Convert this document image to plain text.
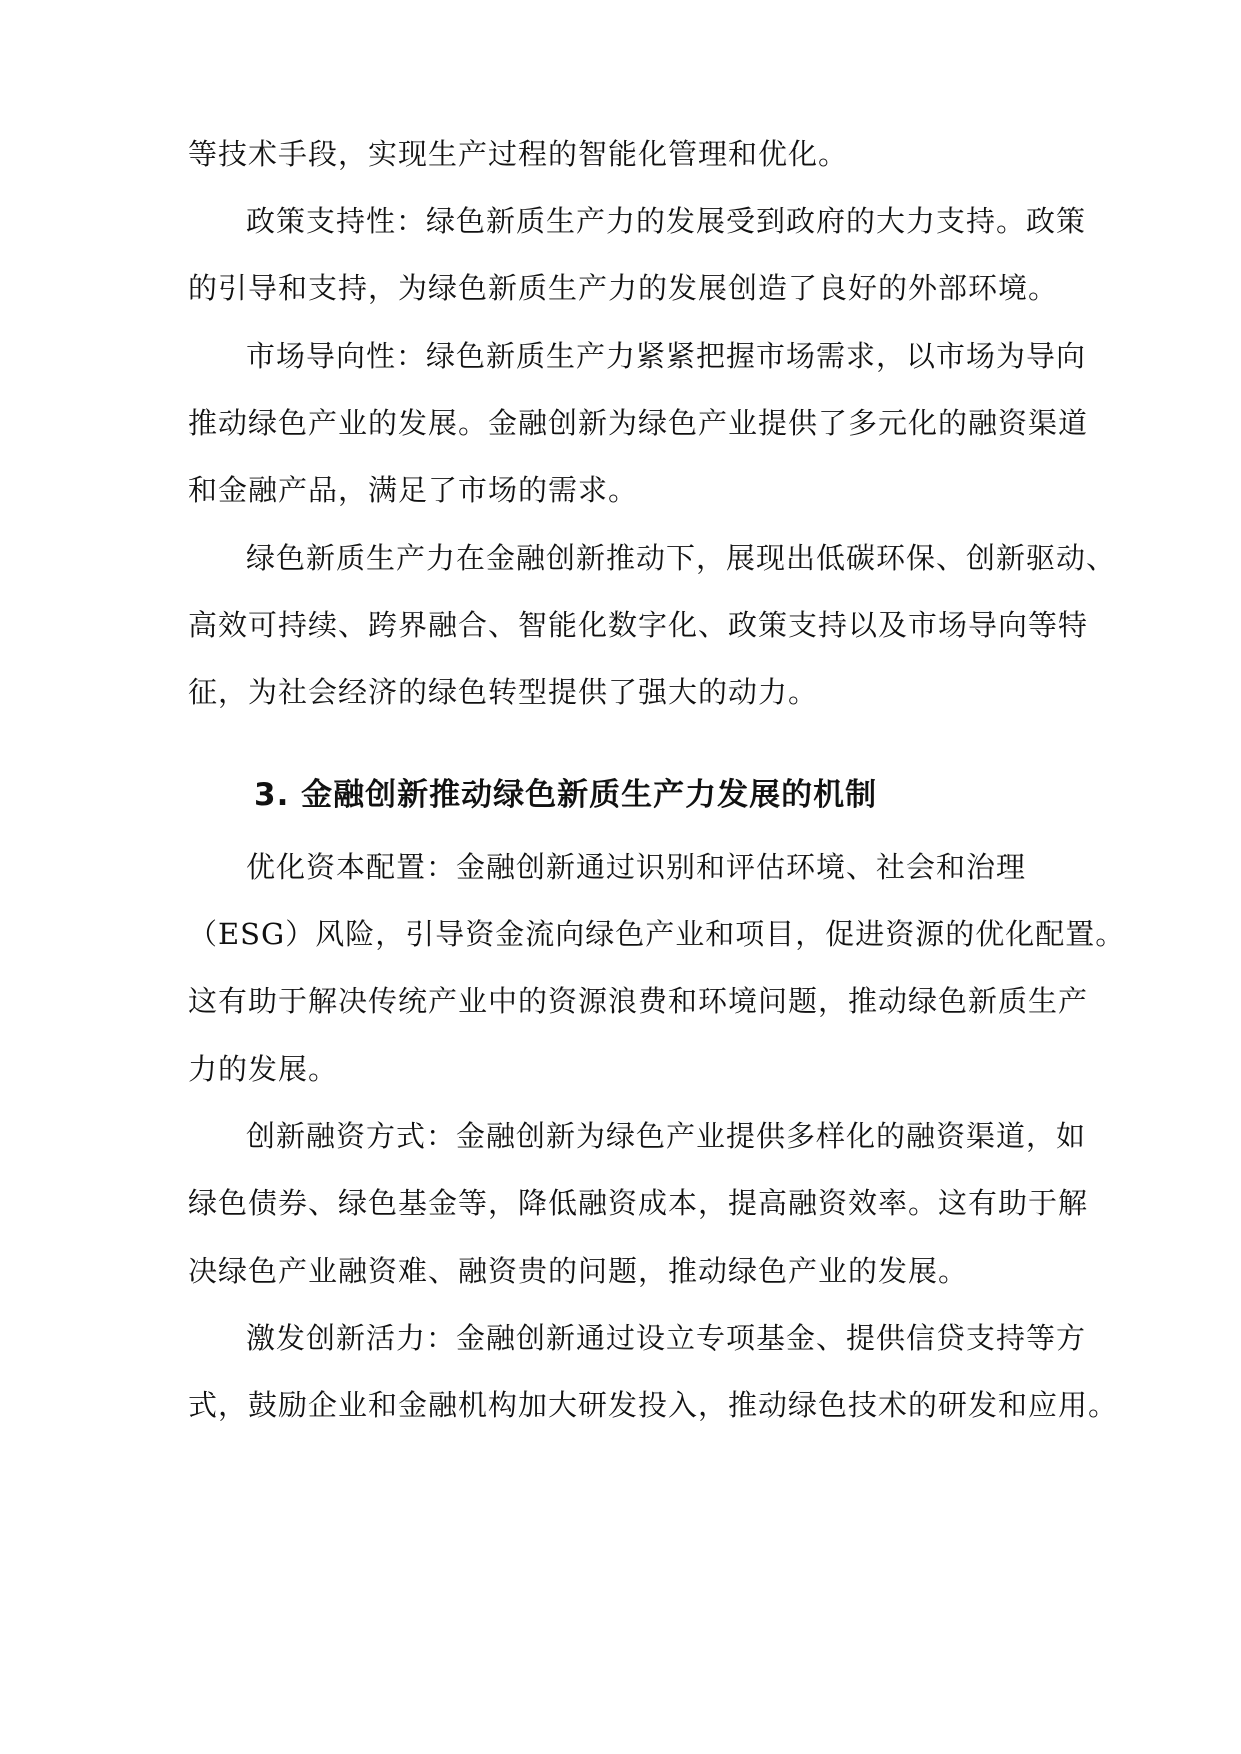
等技术手段，实现生产过程的智能化管理和优化。
政策支持性：绿色新质生产力的发展受到政府的大力支持。政策
的引导和支持，为绿色新质生产力的发展创造了良好的外部环境。
市场导向性：绿色新质生产力紧紧把握市场需求，以市场为导向
推动绿色产业的发展。金融创新为绿色产业提供了多元化的融资渠道
和金融产品，满足了市场的需求。
绿色新质生产力在金融创新推动下，展现出低碳环保、创新驱动、
高效可持续、跨界融合、智能化数字化、政策支持以及市场导向等特
征，为社会经济的绿色转型提供了强大的动力。
3. 金融创新推动绿色新质生产力发展的机制
优化资本配置：金融创新通过识别和评估环境、社会和治理
（ESG）风险，引导资金流向绿色产业和项目，促进资源的优化配置。
这有助于解决传统产业中的资源浪费和环境问题，推动绿色新质生产
力的发展。
创新融资方式：金融创新为绿色产业提供多样化的融资渠道，如
绿色债券、绿色基金等，降低融资成本，提高融资效率。这有助于解
决绿色产业融资难、融资贵的问题，推动绿色产业的发展。
激发创新活力：金融创新通过设立专项基金、提供信贷支持等方
式，鼓励企业和金融机构加大研发投入，推动绿色技术的研发和应用。
